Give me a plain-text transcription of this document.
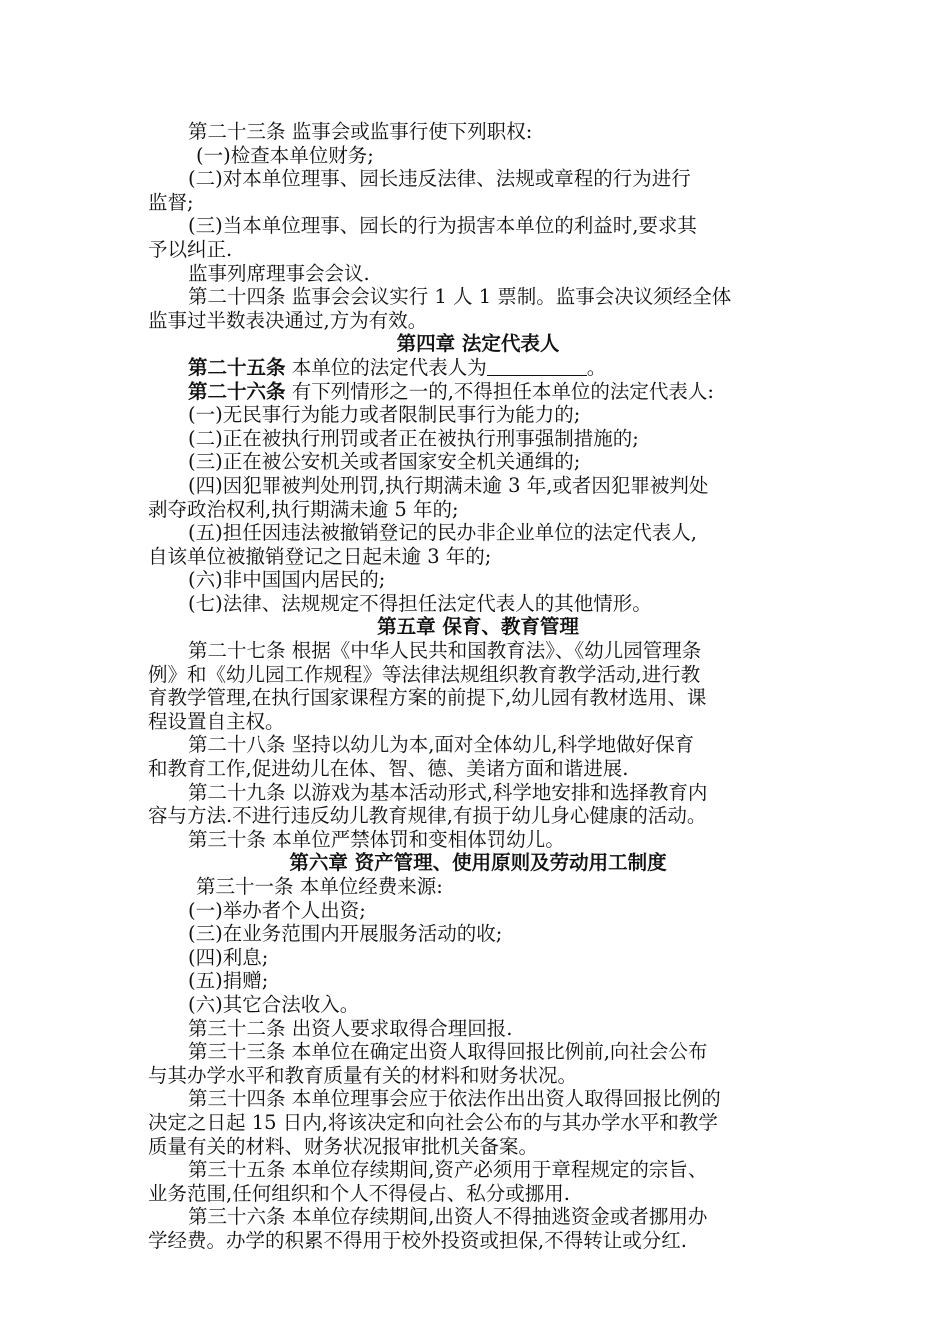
第二十三条 监事会或监事行使下列职权:

(一)检查本单位财务;

(二)对本单位理事、园长违反法律、法规或章程的行为进行

监督;

(三)当本单位理事、园长的行为损害本单位的利益时,要求其

予以纠正.

监事列席理事会会议.

第二十四条 监事会会议实行 1 人 1 票制。监事会决议须经全体

监事过半数表决通过,方为有效。

第四章 法定代表人

第二十五条 本单位的法定代表人为	。

第二十六条 有下列情形之一的,不得担任本单位的法定代表人:

(一)无民事行为能力或者限制民事行为能力的;

(二)正在被执行刑罚或者正在被执行刑事强制措施的;

(三)正在被公安机关或者国家安全机关通缉的;

(四)因犯罪被判处刑罚,执行期满未逾 3 年,或者因犯罪被判处

剥夺政治权利,执行期满未逾 5 年的;

(五)担任因违法被撤销登记的民办非企业单位的法定代表人,

自该单位被撤销登记之日起未逾 3 年的;

(六)非中国国内居民的;

(七)法律、法规规定不得担任法定代表人的其他情形。

第五章 保育、教育管理

第二十七条 根据《中华人民共和国教育法》、《幼儿园管理条

例》和《幼儿园工作规程》等法律法规组织教育教学活动,进行教

育教学管理,在执行国家课程方案的前提下,幼儿园有教材选用、课

程设置自主权。

第二十八条 坚持以幼儿为本,面对全体幼儿,科学地做好保育

和教育工作,促进幼儿在体、智、德、美诸方面和谐进展.

第二十九条 以游戏为基本活动形式,科学地安排和选择教育内

容与方法.不进行违反幼儿教育规律,有损于幼儿身心健康的活动。

第三十条 本单位严禁体罚和变相体罚幼儿。

第六章 资产管理、使用原则及劳动用工制度

第三十一条 本单位经费来源:

(一)举办者个人出资;

(三)在业务范围内开展服务活动的收;

(四)利息;

(五)捐赠;

(六)其它合法收入。

第三十二条 出资人要求取得合理回报.

第三十三条 本单位在确定出资人取得回报比例前,向社会公布

与其办学水平和教育质量有关的材料和财务状况。

第三十四条 本单位理事会应于依法作出出资人取得回报比例的

决定之日起 15 日内,将该决定和向社会公布的与其办学水平和教学

质量有关的材料、财务状况报审批机关备案。

第三十五条 本单位存续期间,资产必须用于章程规定的宗旨、

业务范围,任何组织和个人不得侵占、私分或挪用.

第三十六条 本单位存续期间,出资人不得抽逃资金或者挪用办

学经费。办学的积累不得用于校外投资或担保,不得转让或分红.
